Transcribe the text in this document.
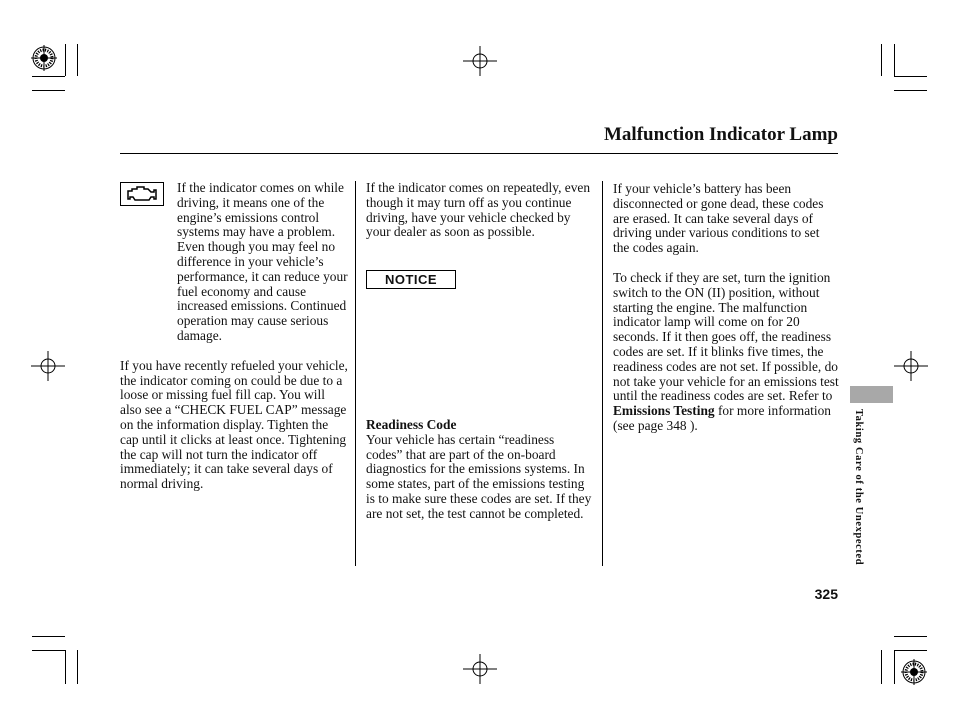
Malfunction Indicator Lamp

If the indicator comes on while driving, it means one of the engine’s emissions control systems may have a problem. Even though you may feel no difference in your vehicle’s performance, it can reduce your fuel economy and cause increased emissions. Continued operation may cause serious damage.

If you have recently refueled your vehicle, the indicator coming on could be due to a loose or missing fuel fill cap. You will also see a “CHECK FUEL CAP” message on the information display. Tighten the cap until it clicks at least once. Tightening the cap will not turn the indicator off immediately; it can take several days of normal driving.

If the indicator comes on repeatedly, even though it may turn off as you continue driving, have your vehicle checked by your dealer as soon as possible.

NOTICE

Readiness Code

Your vehicle has certain “readiness codes” that are part of the on-board diagnostics for the emissions systems. In some states, part of the emissions testing is to make sure these codes are set. If they are not set, the test cannot be completed.

If your vehicle’s battery has been disconnected or gone dead, these codes are erased. It can take several days of driving under various conditions to set the codes again.

To check if they are set, turn the ignition switch to the ON (II) position, without starting the engine. The malfunction indicator lamp will come on for 20 seconds. If it then goes off, the readiness codes are set. If it blinks five times, the readiness codes are not set. If possible, do not take your vehicle for an emissions test until the readiness codes are set. Refer to Emissions Testing for more information (see page 348 ).	Taking Care of the Unexpected
325
